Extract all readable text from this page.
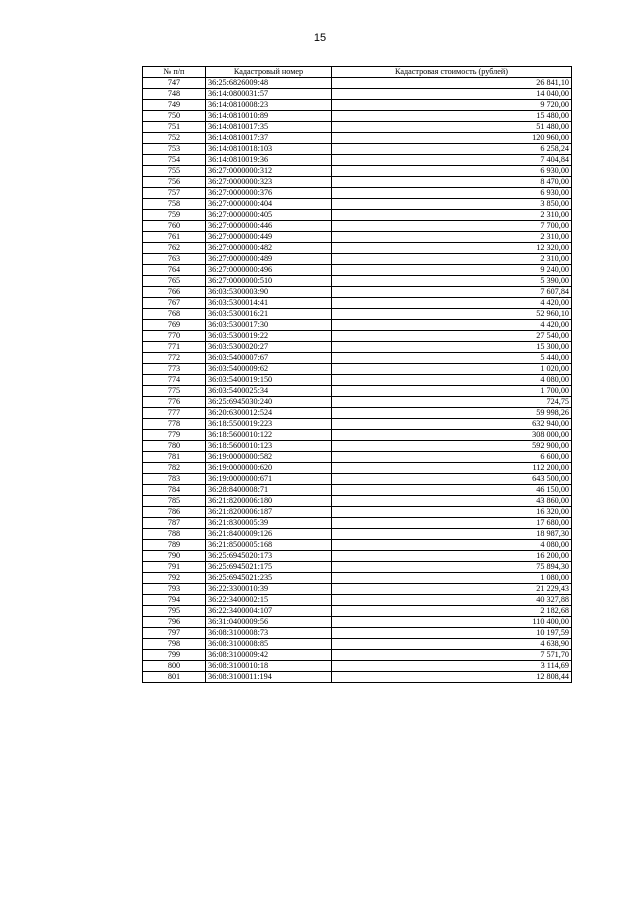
15
№ п/п	Кадастровый номер	Кадастровая стоимость (рублей)
747	36:25:6826009:48	26 841,10
748	36:14:0800031:57	14 040,00
749	36:14:0810008:23	9 720,00
750	36:14:0810010:89	15 480,00
751	36:14:0810017:35	51 480,00
752	36:14:0810017:37	120 960,00
753	36:14:0810018:103	6 258,24
754	36:14:0810019:36	7 404,84
755	36:27:0000000:312	6 930,00
756	36:27:0000000:323	8 470,00
757	36:27:0000000:376	6 930,00
758	36:27:0000000:404	3 850,00
759	36:27:0000000:405	2 310,00
760	36:27:0000000:446	7 700,00
761	36:27:0000000:449	2 310,00
762	36:27:0000000:482	12 320,00
763	36:27:0000000:489	2 310,00
764	36:27:0000000:496	9 240,00
765	36:27:0000000:510	5 390,00
766	36:03:5300003:90	7 607,84
767	36:03:5300014:41	4 420,00
768	36:03:5300016:21	52 960,10
769	36:03:5300017:30	4 420,00
770	36:03:5300019:22	27 540,00
771	36:03:5300020:27	15 300,00
772	36:03:5400007:67	5 440,00
773	36:03:5400009:62	1 020,00
774	36:03:5400019:150	4 080,00
775	36:03:5400025:34	1 700,00
776	36:25:6945030:240	724,75
777	36:20:6300012:524	59 998,26
778	36:18:5500019:223	632 940,00
779	36:18:5600010:122	308 000,00
780	36:18:5600010:123	592 900,00
781	36:19:0000000:582	6 600,00
782	36:19:0000000:620	112 200,00
783	36:19:0000000:671	643 500,00
784	36:28:8400008:71	46 150,00
785	36:21:8200006:180	43 860,00
786	36:21:8200006:187	16 320,00
787	36:21:8300005:39	17 680,00
788	36:21:8400009:126	18 987,30
789	36:21:8500005:168	4 080,00
790	36:25:6945020:173	16 200,00
791	36:25:6945021:175	75 894,30
792	36:25:6945021:235	1 080,00
793	36:22:3300010:39	21 229,43
794	36:22:3400002:15	40 327,88
795	36:22:3400004:107	2 182,68
796	36:31:0400009:56	110 400,00
797	36:08:3100008:73	10 197,59
798	36:08:3100008:85	4 638,90
799	36:08:3100009:42	7 571,70
800	36:08:3100010:18	3 114,69
801	36:08:3100011:194	12 808,44
